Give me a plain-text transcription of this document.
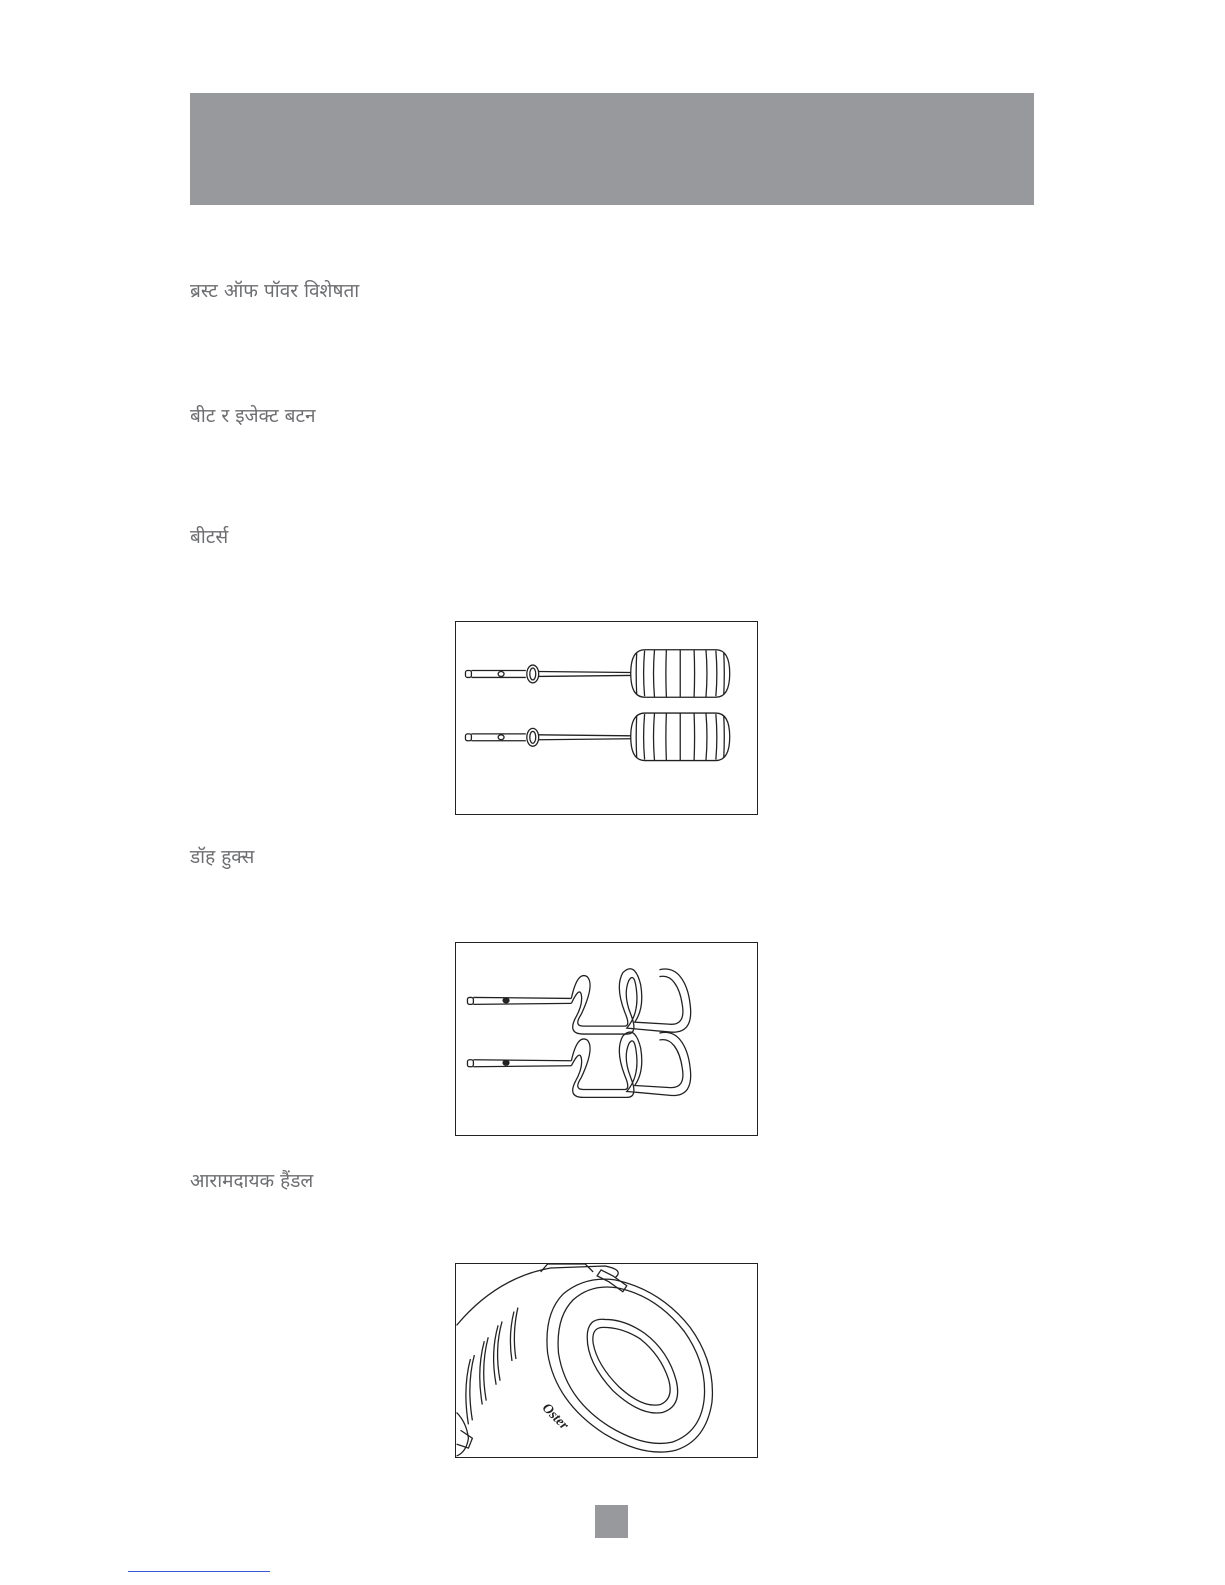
ब्रस्ट ऑफ पॉवर विशेषता
बीट र इजेक्ट बटन
बीटर्स
डॉह हुक्स
आरामदायक हैंडल
Oster
